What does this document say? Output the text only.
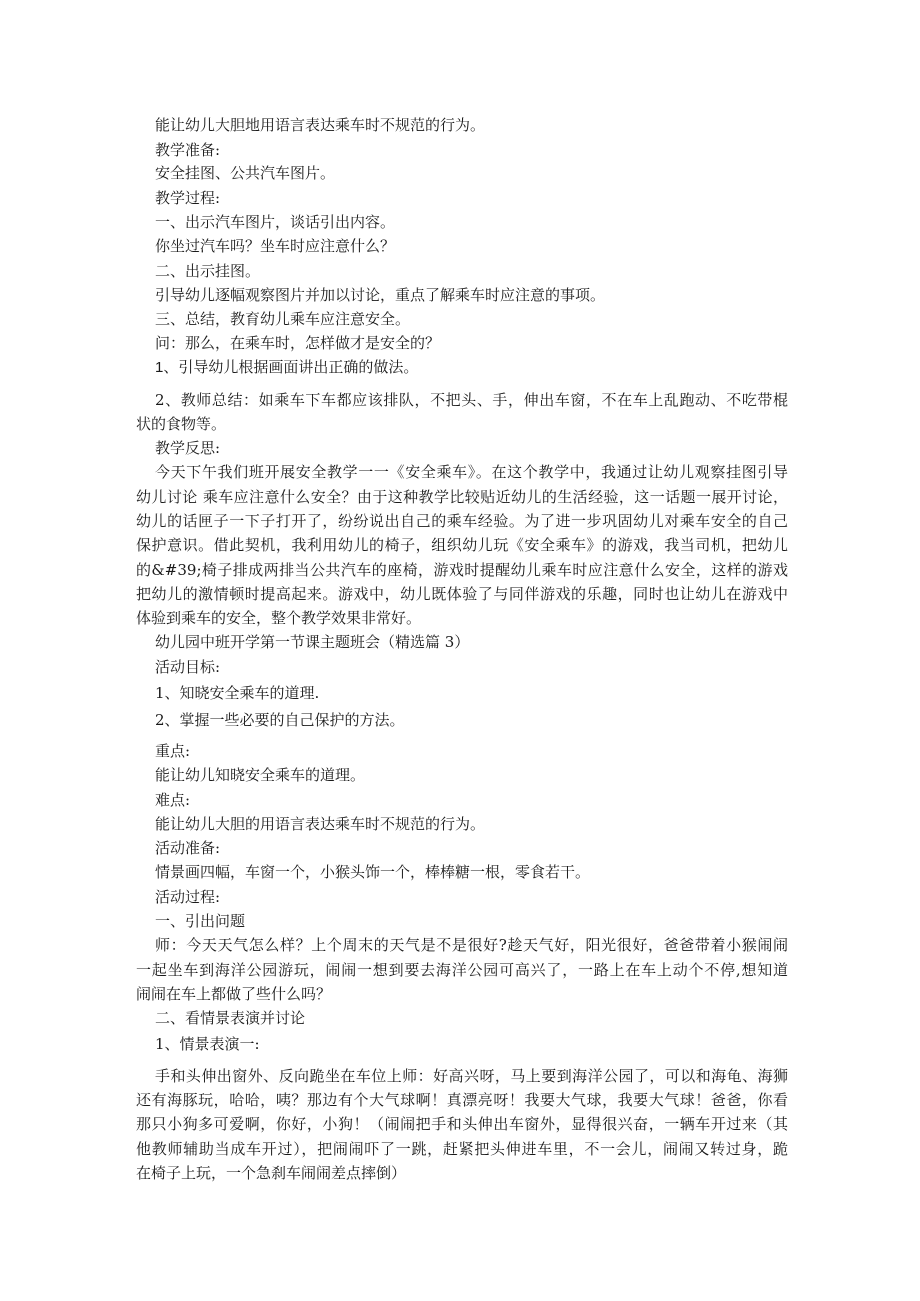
能让幼儿大胆地用语言表达乘车时不规范的行为。
教学准备:
安全挂图、公共汽车图片。
教学过程:
一、出示汽车图片，谈话引出内容。
你坐过汽车吗？坐车时应注意什么？
二、出示挂图。
引导幼儿逐幅观察图片并加以讨论，重点了解乘车时应注意的事项。
三、总结，教育幼儿乘车应注意安全。
问：那么，在乘车时，怎样做才是安全的？
1、引导幼儿根据画面讲出正确的做法。
2、教师总结：如乘车下车都应该排队，不把头、手，伸出车窗，不在车上乱跑动、不吃带棍
状的食物等。
教学反思:
今天下午我们班开展安全教学一一《安全乘车》。在这个教学中，我通过让幼儿观察挂图引导
幼儿讨论 乘车应注意什么安全？由于这种教学比较贴近幼儿的生活经验，这一话题一展开讨论，
幼儿的话匣子一下子打开了，纷纷说出自己的乘车经验。为了进一步巩固幼儿对乘车安全的自己
保护意识。借此契机，我利用幼儿的椅子，组织幼儿玩《安全乘车》的游戏，我当司机，把幼儿
的&#39;椅子排成两排当公共汽车的座椅，游戏时提醒幼儿乘车时应注意什么安全，这样的游戏
把幼儿的激情顿时提高起来。游戏中，幼儿既体验了与同伴游戏的乐趣，同时也让幼儿在游戏中
体验到乘车的安全，整个教学效果非常好。
幼儿园中班开学第一节课主题班会（精选篇 3）
活动目标:
1、知晓安全乘车的道理.
2、掌握一些必要的自己保护的方法。
重点:
能让幼儿知晓安全乘车的道理。
难点:
能让幼儿大胆的用语言表达乘车时不规范的行为。
活动准备:
情景画四幅，车窗一个，小猴头饰一个，棒棒糖一根，零食若干。
活动过程:
一、引出问题
师：今天天气怎么样？上个周末的天气是不是很好?趁天气好，阳光很好，爸爸带着小猴闹闹
一起坐车到海洋公园游玩，闹闹一想到要去海洋公园可高兴了，一路上在车上动个不停,想知道
闹闹在车上都做了些什么吗？
二、看情景表演并讨论
1、情景表演一:
手和头伸出窗外、反向跪坐在车位上师：好高兴呀，马上要到海洋公园了，可以和海龟、海狮
还有海豚玩，哈哈，咦？那边有个大气球啊！真漂亮呀！我要大气球，我要大气球！爸爸，你看
那只小狗多可爱啊，你好，小狗！（闹闹把手和头伸出车窗外，显得很兴奋，一辆车开过来（其
他教师辅助当成车开过），把闹闹吓了一跳，赶紧把头伸进车里，不一会儿，闹闹又转过身，跪
在椅子上玩，一个急刹车闹闹差点摔倒）
